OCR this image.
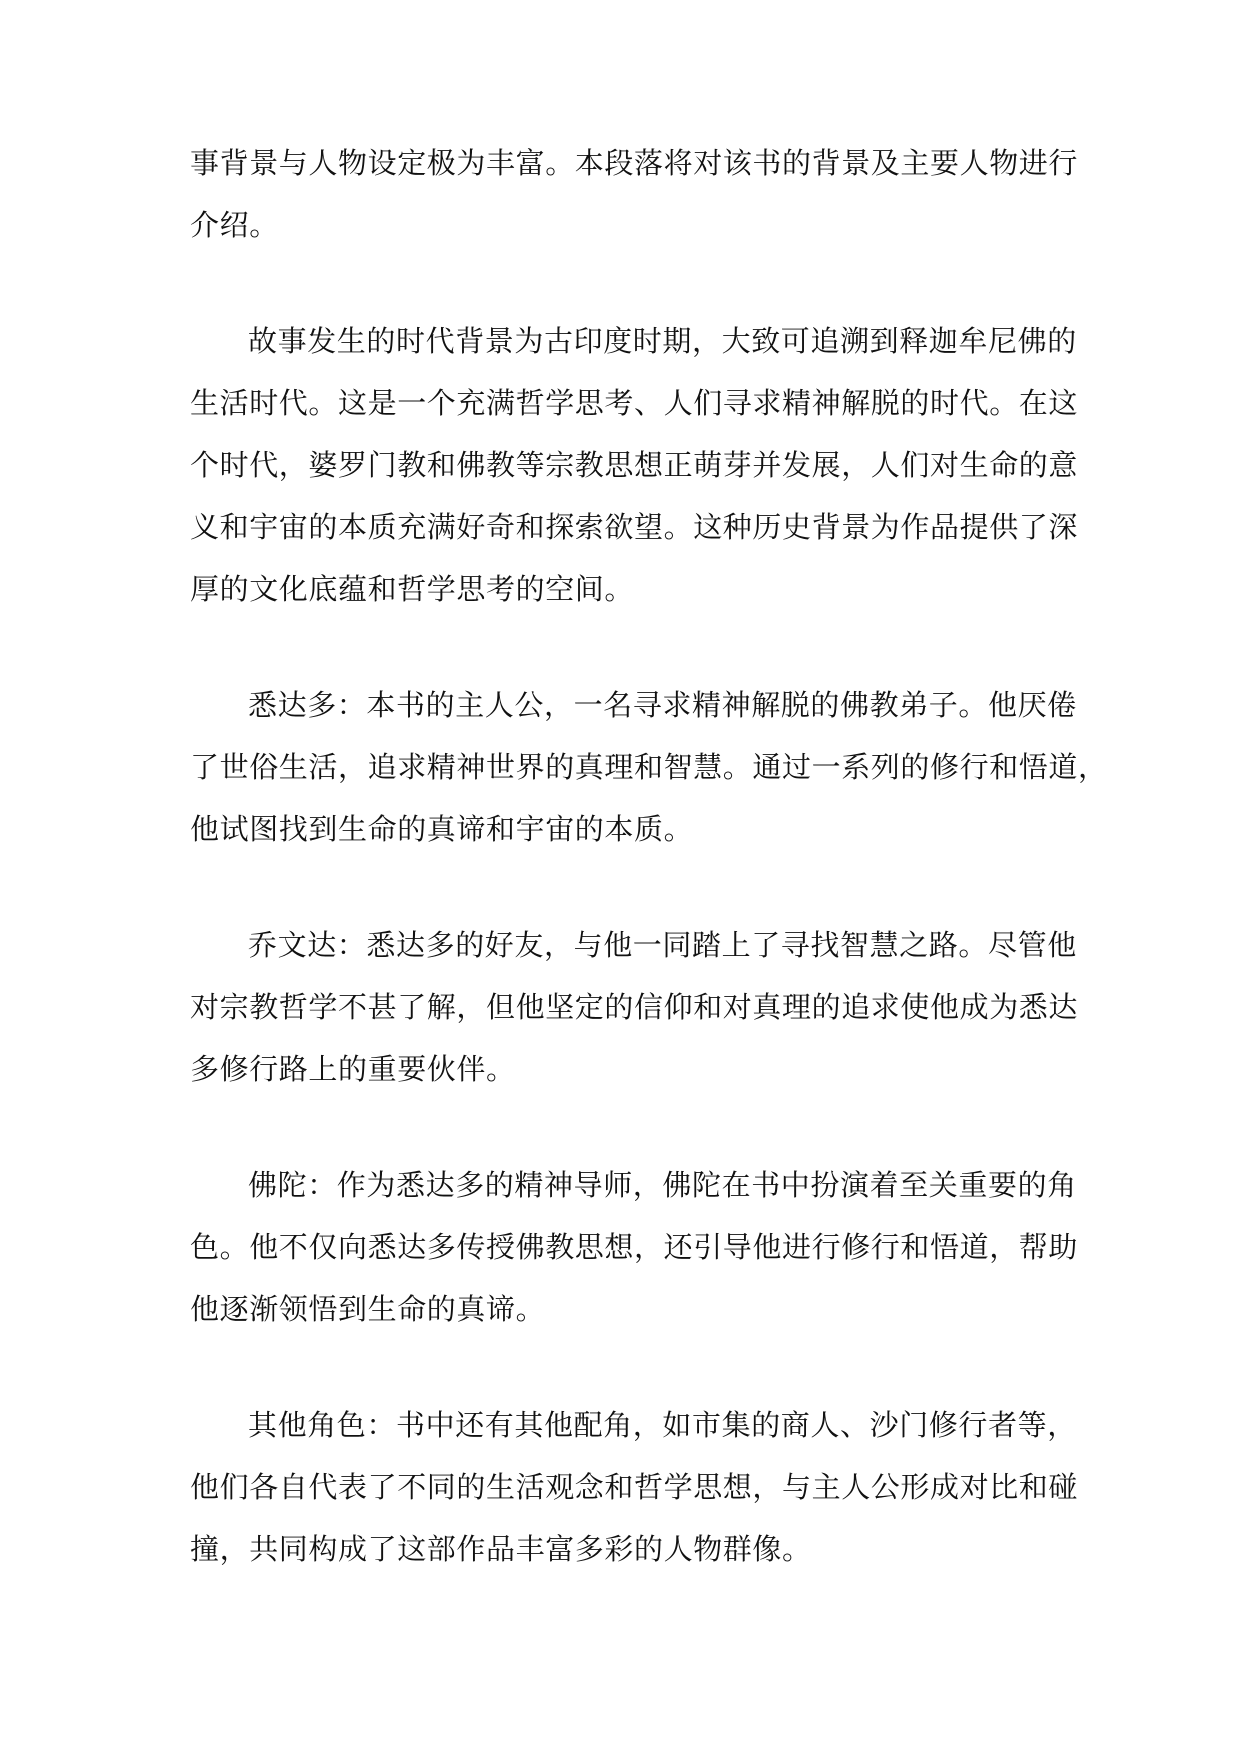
事背景与人物设定极为丰富。本段落将对该书的背景及主要人物进行
介绍。
故事发生的时代背景为古印度时期，大致可追溯到释迦牟尼佛的
生活时代。这是一个充满哲学思考、人们寻求精神解脱的时代。在这
个时代，婆罗门教和佛教等宗教思想正萌芽并发展，人们对生命的意
义和宇宙的本质充满好奇和探索欲望。这种历史背景为作品提供了深
厚的文化底蕴和哲学思考的空间。
悉达多：本书的主人公，一名寻求精神解脱的佛教弟子。他厌倦
了世俗生活，追求精神世界的真理和智慧。通过一系列的修行和悟道，
他试图找到生命的真谛和宇宙的本质。
乔文达：悉达多的好友，与他一同踏上了寻找智慧之路。尽管他
对宗教哲学不甚了解，但他坚定的信仰和对真理的追求使他成为悉达
多修行路上的重要伙伴。
佛陀：作为悉达多的精神导师，佛陀在书中扮演着至关重要的角
色。他不仅向悉达多传授佛教思想，还引导他进行修行和悟道，帮助
他逐渐领悟到生命的真谛。
其他角色：书中还有其他配角，如市集的商人、沙门修行者等，
他们各自代表了不同的生活观念和哲学思想，与主人公形成对比和碰
撞，共同构成了这部作品丰富多彩的人物群像。
